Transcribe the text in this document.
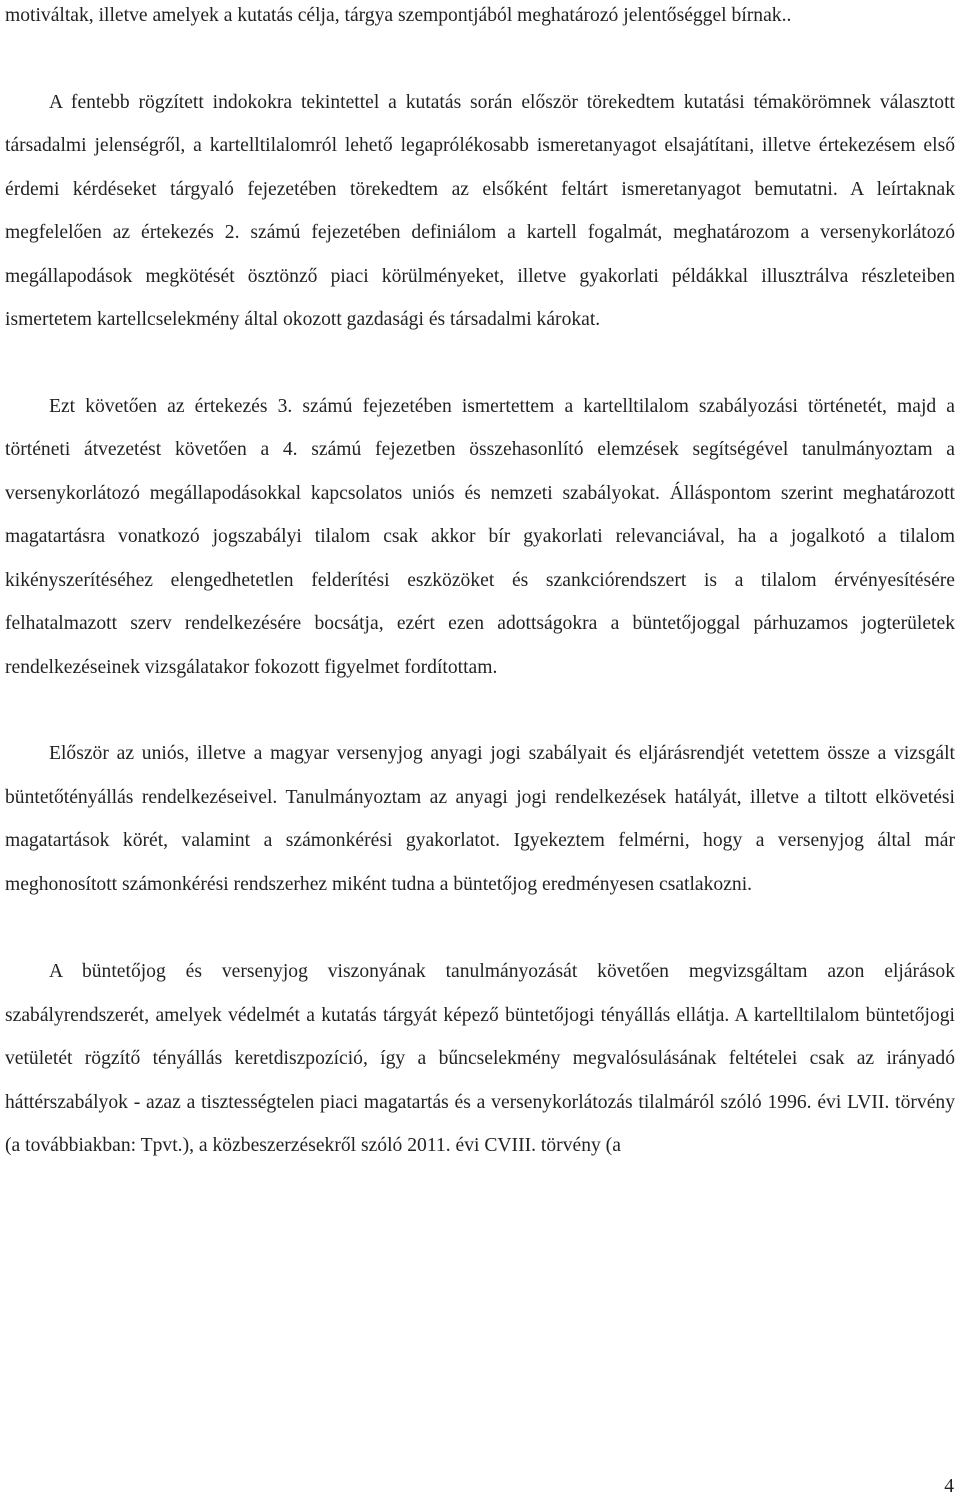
motiváltak, illetve amelyek a kutatás célja, tárgya szempontjából meghatározó jelentőséggel bírnak..

A fentebb rögzített indokokra tekintettel a kutatás során először törekedtem kutatási témakörömnek választott társadalmi jelenségről, a kartelltilalomról lehető legaprólékosabb ismeretanyagot elsajátítani, illetve értekezésem első érdemi kérdéseket tárgyaló fejezetében törekedtem az elsőként feltárt ismeretanyagot bemutatni. A leírtaknak megfelelően az értekezés 2. számú fejezetében definiálom a kartell fogalmát, meghatározom a versenykorlátozó megállapodások megkötését ösztönző piaci körülményeket, illetve gyakorlati példákkal illusztrálva részleteiben ismertetem kartellcselekmény által okozott gazdasági és társadalmi károkat.

Ezt követően az értekezés 3. számú fejezetében ismertettem a kartelltilalom szabályozási történetét, majd a történeti átvezetést követően a 4. számú fejezetben összehasonlító elemzések segítségével tanulmányoztam a versenykorlátozó megállapodásokkal kapcsolatos uniós és nemzeti szabályokat. Álláspontom szerint meghatározott magatartásra vonatkozó jogszabályi tilalom csak akkor bír gyakorlati relevanciával, ha a jogalkotó a tilalom kikényszerítéséhez elengedhetetlen felderítési eszközöket és szankciórendszert is a tilalom érvényesítésére felhatalmazott szerv rendelkezésére bocsátja, ezért ezen adottságokra a büntetőjoggal párhuzamos jogterületek rendelkezéseinek vizsgálatakor fokozott figyelmet fordítottam.

Először az uniós, illetve a magyar versenyjog anyagi jogi szabályait és eljárásrendjét vetettem össze a vizsgált büntetőtényállás rendelkezéseivel. Tanulmányoztam az anyagi jogi rendelkezések hatályát, illetve a tiltott elkövetési magatartások körét, valamint a számonkérési gyakorlatot. Igyekeztem felmérni, hogy a versenyjog által már meghonosított számonkérési rendszerhez miként tudna a büntetőjog eredményesen csatlakozni.

A büntetőjog és versenyjog viszonyának tanulmányozását követően megvizsgáltam azon eljárások szabályrendszerét, amelyek védelmét a kutatás tárgyát képező büntetőjogi tényállás ellátja. A kartelltilalom büntetőjogi vetületét rögzítő tényállás keretdiszpozíció, így a bűncselekmény megvalósulásának feltételei csak az irányadó háttérszabályok - azaz a tisztességtelen piaci magatartás és a versenykorlátozás tilalmáról szóló 1996. évi LVII. törvény (a továbbiakban: Tpvt.), a közbeszerzésekről szóló 2011. évi CVIII. törvény (a

4
